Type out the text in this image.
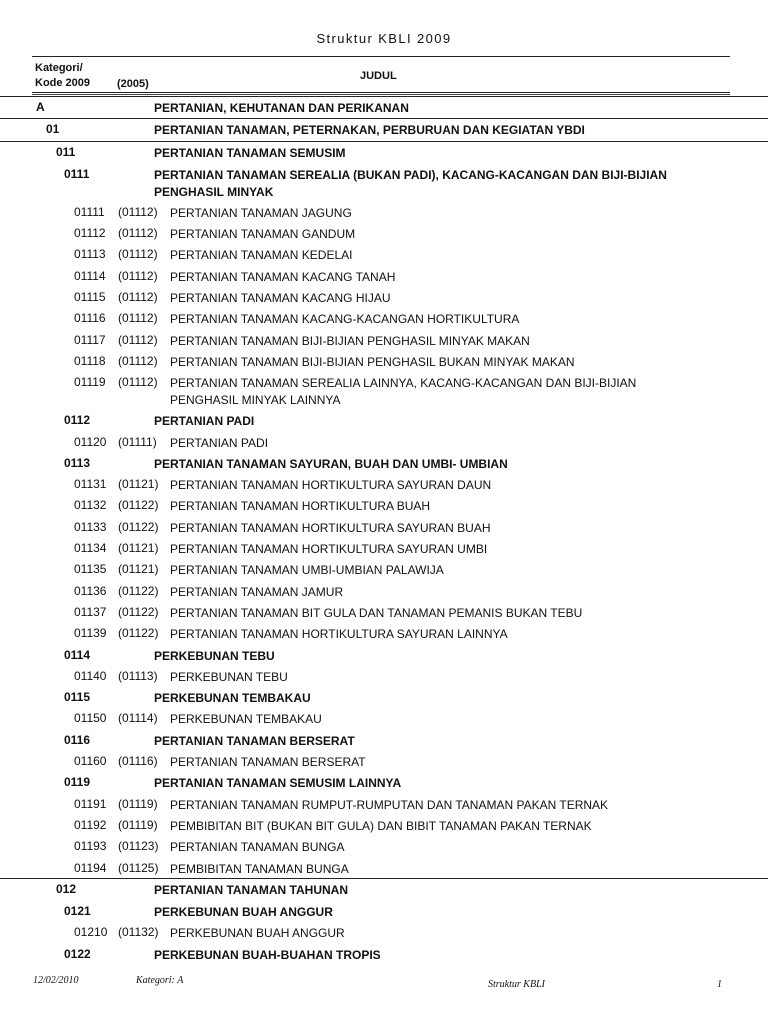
Struktur KBLI 2009
Kategori/
Kode 2009 (2005)
JUDUL
A	PERTANIAN, KEHUTANAN DAN PERIKANAN
01	PERTANIAN TANAMAN, PETERNAKAN, PERBURUAN DAN KEGIATAN YBDI
011	PERTANIAN TANAMAN SEMUSIM
0111	PERTANIAN TANAMAN SEREALIA (BUKAN PADI), KACANG-KACANGAN DAN BIJI-BIJIAN PENGHASIL MINYAK
01111 (01112) PERTANIAN TANAMAN JAGUNG
01112 (01112) PERTANIAN TANAMAN GANDUM
01113 (01112) PERTANIAN TANAMAN KEDELAI
01114 (01112) PERTANIAN TANAMAN KACANG TANAH
01115 (01112) PERTANIAN TANAMAN KACANG HIJAU
01116 (01112) PERTANIAN TANAMAN KACANG-KACANGAN HORTIKULTURA
01117 (01112) PERTANIAN TANAMAN BIJI-BIJIAN PENGHASIL MINYAK MAKAN
01118 (01112) PERTANIAN TANAMAN BIJI-BIJIAN PENGHASIL BUKAN MINYAK MAKAN
01119 (01112) PERTANIAN TANAMAN SEREALIA LAINNYA, KACANG-KACANGAN DAN BIJI-BIJIAN PENGHASIL MINYAK LAINNYA
0112	PERTANIAN PADI
01120 (01111) PERTANIAN PADI
0113	PERTANIAN TANAMAN SAYURAN, BUAH DAN UMBI- UMBIAN
01131 (01121) PERTANIAN TANAMAN HORTIKULTURA SAYURAN DAUN
01132 (01122) PERTANIAN TANAMAN HORTIKULTURA BUAH
01133 (01122) PERTANIAN TANAMAN HORTIKULTURA SAYURAN BUAH
01134 (01121) PERTANIAN TANAMAN HORTIKULTURA SAYURAN UMBI
01135 (01121) PERTANIAN TANAMAN UMBI-UMBIAN PALAWIJA
01136 (01122) PERTANIAN TANAMAN JAMUR
01137 (01122) PERTANIAN TANAMAN BIT GULA DAN TANAMAN PEMANIS BUKAN TEBU
01139 (01122) PERTANIAN TANAMAN HORTIKULTURA SAYURAN LAINNYA
0114	PERKEBUNAN TEBU
01140 (01113) PERKEBUNAN TEBU
0115	PERKEBUNAN TEMBAKAU
01150 (01114) PERKEBUNAN TEMBAKAU
0116	PERTANIAN TANAMAN BERSERAT
01160 (01116) PERTANIAN TANAMAN BERSERAT
0119	PERTANIAN TANAMAN SEMUSIM LAINNYA
01191 (01119) PERTANIAN TANAMAN RUMPUT-RUMPUTAN DAN TANAMAN PAKAN TERNAK
01192 (01119) PEMBIBITAN BIT (BUKAN BIT GULA) DAN BIBIT TANAMAN PAKAN TERNAK
01193 (01123) PERTANIAN TANAMAN BUNGA
01194 (01125) PEMBIBITAN TANAMAN BUNGA
012	PERTANIAN TANAMAN TAHUNAN
0121	PERKEBUNAN BUAH ANGGUR
01210 (01132) PERKEBUNAN BUAH ANGGUR
0122	PERKEBUNAN BUAH-BUAHAN TROPIS
12/02/2010	Kategori: A	Struktur KBLI	1
